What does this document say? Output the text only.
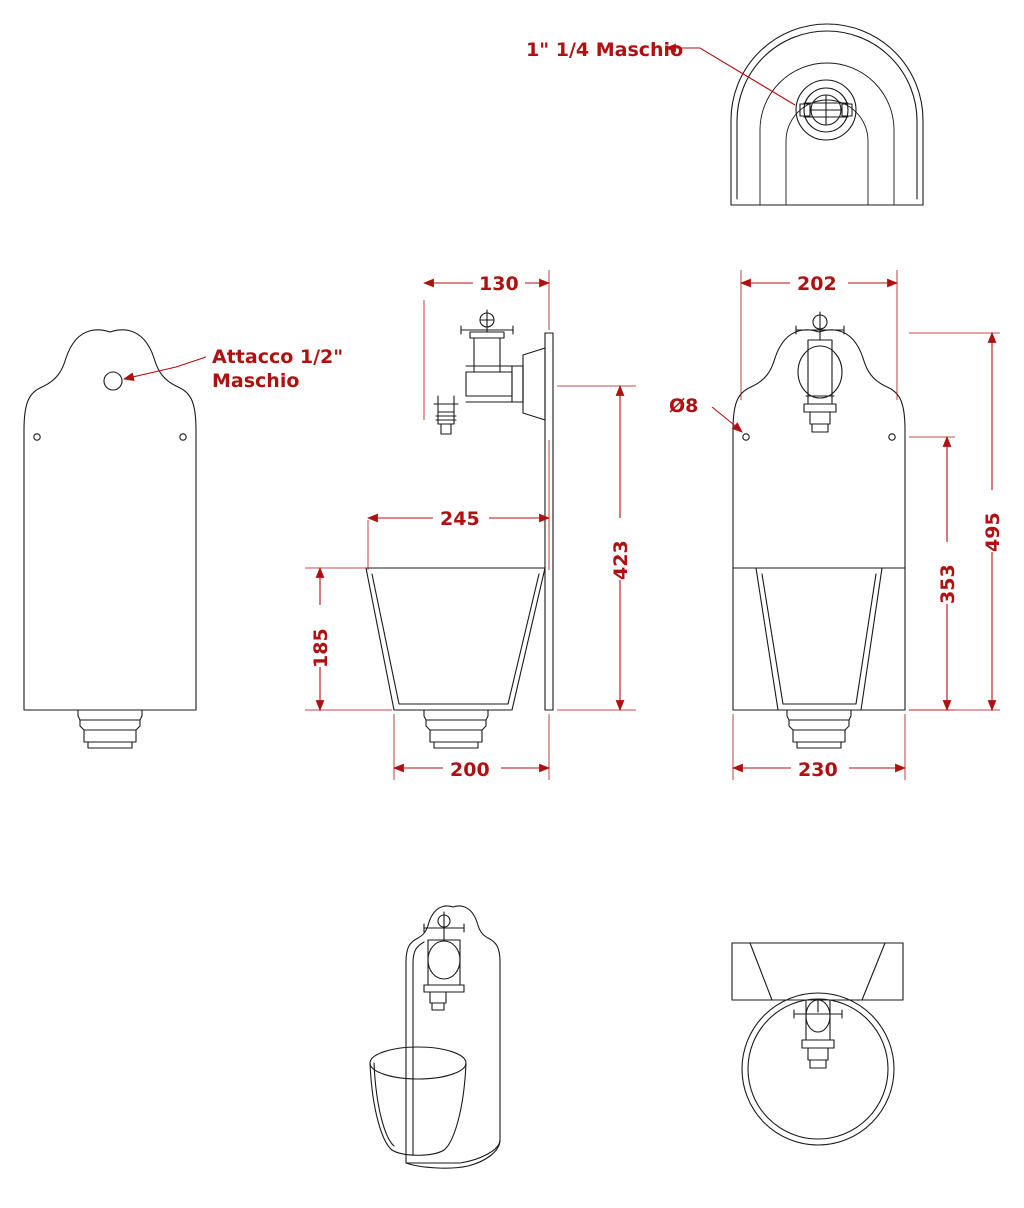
1" 1/4 Maschio
Attacco 1/2"
Maschio
Ø8
130	202
245
200	230
185
423
353
495
